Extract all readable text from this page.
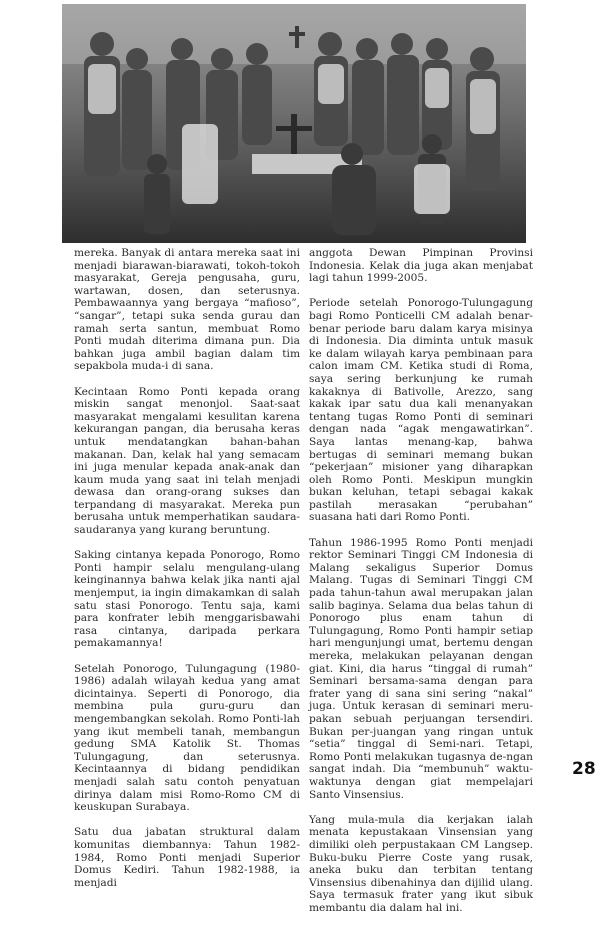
mereka. Banyak di antara mereka saat ini menjadi biarawan-biarawati, tokoh-tokoh masyarakat, Gereja pengusaha, guru, wartawan, dosen, dan seterusnya. Pembawaannya yang bergaya “mafioso”, “sangar”, tetapi suka senda gurau dan ramah serta santun, membuat Romo Ponti mudah diterima dimana pun. Dia bahkan juga ambil bagian dalam tim sepakbola muda-i di sana.

Kecintaan Romo Ponti kepada orang miskin sangat menonjol. Saat-saat masyarakat mengalami kesulitan karena kekurangan pangan, dia berusaha keras untuk mendatangkan bahan-bahan makanan. Dan, kelak hal yang semacam ini juga menular kepada anak-anak dan kaum muda yang saat ini telah menjadi dewasa dan orang-orang sukses dan terpandang di masyarakat. Mereka pun berusaha untuk memperhatikan saudara-saudaranya yang kurang beruntung.

Saking cintanya kepada Ponorogo, Romo Ponti hampir selalu mengulang-ulang keinginannya bahwa kelak jika nanti ajal menjemput, ia ingin dimakamkan di salah satu stasi Ponorogo. Tentu saja, kami para konfrater lebih menggarisbawahi rasa cintanya, daripada perkara pemakamannya!

Setelah Ponorogo, Tulungagung (1980-1986) adalah wilayah kedua yang amat dicintainya. Seperti di Ponorogo, dia membina pula guru-guru dan mengembangkan sekolah. Romo Ponti-lah yang ikut membeli tanah, membangun gedung SMA Katolik St. Thomas Tulungagung, dan seterusnya. Kecintaannya di bidang pendidikan menjadi salah satu contoh penyatuan dirinya dalam misi Romo-Romo CM di keuskupan Surabaya.

Satu dua jabatan struktural dalam komunitas diembannya: Tahun 1982-1984, Romo Ponti menjadi Superior Domus Kediri. Tahun 1982-1988, ia menjadi

anggota Dewan Pimpinan Provinsi Indonesia. Kelak dia juga akan menjabat lagi tahun 1999-2005.

Periode setelah Ponorogo-Tulungagung bagi Romo Ponticelli CM adalah benar-benar periode baru dalam karya misinya di Indonesia. Dia diminta untuk masuk ke dalam wilayah karya pembinaan para calon imam CM. Ketika studi di Roma, saya sering berkunjung ke rumah kakaknya di Bativolle, Arezzo, sang kakak ipar satu dua kali menanyakan tentang tugas Romo Ponti di seminari dengan nada “agak mengawatirkan”. Saya lantas menang-kap, bahwa bertugas di seminari memang bukan “pekerjaan” misioner yang diharapkan oleh Romo Ponti. Meskipun mungkin bukan keluhan, tetapi sebagai kakak pastilah merasakan “perubahan” suasana hati dari Romo Ponti.

Tahun 1986-1995 Romo Ponti menjadi rektor Seminari Tinggi CM Indonesia di Malang sekaligus Superior Domus Malang. Tugas di Seminari Tinggi CM pada tahun-tahun awal merupakan jalan salib baginya. Selama dua belas tahun di Ponorogo plus enam tahun di Tulungagung, Romo Ponti hampir setiap hari mengunjungi umat, bertemu dengan mereka, melakukan pelayanan dengan giat. Kini, dia harus “tinggal di rumah” Seminari bersama-sama dengan para frater yang di sana sini sering “nakal” juga. Untuk kerasan di seminari meru-pakan sebuah perjuangan tersendiri. Bukan per-juangan yang ringan untuk “setia” tinggal di Semi-nari. Tetapi, Romo Ponti melakukan tugasnya de-ngan sangat indah. Dia “membunuh” waktu-waktunya dengan giat mempelajari Santo Vinsensius.

Yang mula-mula dia kerjakan ialah menata kepustakaan Vinsensian yang dimiliki oleh perpustakaan CM Langsep. Buku-buku Pierre Coste yang rusak, aneka buku dan terbitan tentang Vinsensius dibenahinya dan dijilid ulang. Saya termasuk frater yang ikut sibuk membantu dia dalam hal ini.

28
